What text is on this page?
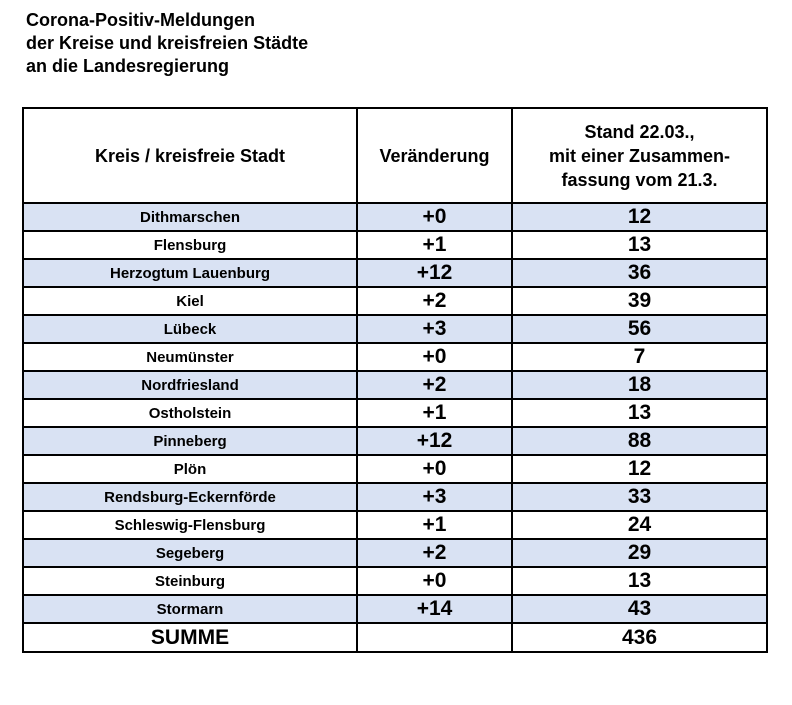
Corona-Positiv-Meldungen
der Kreise und kreisfreien Städte
an die Landesregierung
Kreis / kreisfreie Stadt	Veränderung	Stand 22.03.,
mit einer Zusammen-
fassung vom 21.3.

Dithmarschen	+0	12
Flensburg	+1	13
Herzogtum Lauenburg	+12	36
Kiel	+2	39
Lübeck	+3	56
Neumünster	+0	7
Nordfriesland	+2	18
Ostholstein	+1	13
Pinneberg	+12	88
Plön	+0	12
Rendsburg-Eckernförde	+3	33
Schleswig-Flensburg	+1	24
Segeberg	+2	29
Steinburg	+0	13
Stormarn	+14	43
SUMME		436
